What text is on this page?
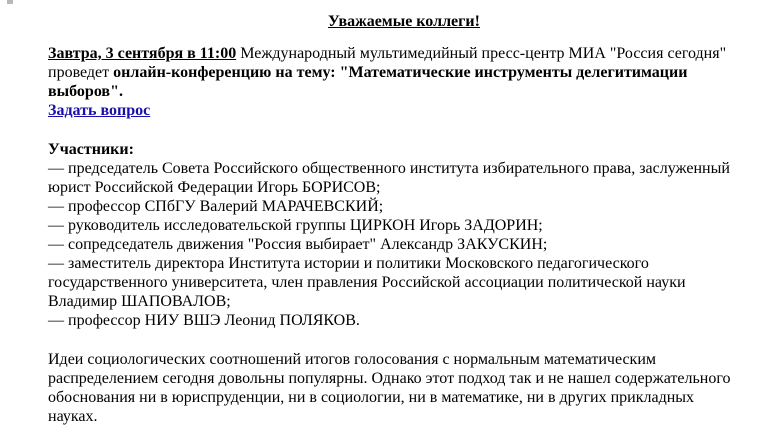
Уважаемые коллеги!
Завтра, 3 сентября в 11:00 Международный мультимедийный пресс-центр МИА "Россия сегодня"
проведет онлайн-конференцию на тему: "Математические инструменты делегитимации выборов".
Задать вопрос
Участники:
— председатель Совета Российского общественного института избирательного права, заслуженный
юрист Российской Федерации Игорь БОРИСОВ;
— профессор СПбГУ Валерий МАРАЧЕВСКИЙ;
— руководитель исследовательской группы ЦИРКОН Игорь ЗАДОРИН;
— сопредседатель движения "Россия выбирает" Александр ЗАКУСКИН;
— заместитель директора Института истории и политики Московского педагогического
государственного университета, член правления Российской ассоциации политической науки
Владимир ШАПОВАЛОВ;
— профессор НИУ ВШЭ Леонид ПОЛЯКОВ.
Идеи социологических соотношений итогов голосования с нормальным математическим
распределением сегодня довольны популярны. Однако этот подход так и не нашел содержательного
обоснования ни в юриспруденции, ни в социологии, ни в математике, ни в других прикладных
науках.
